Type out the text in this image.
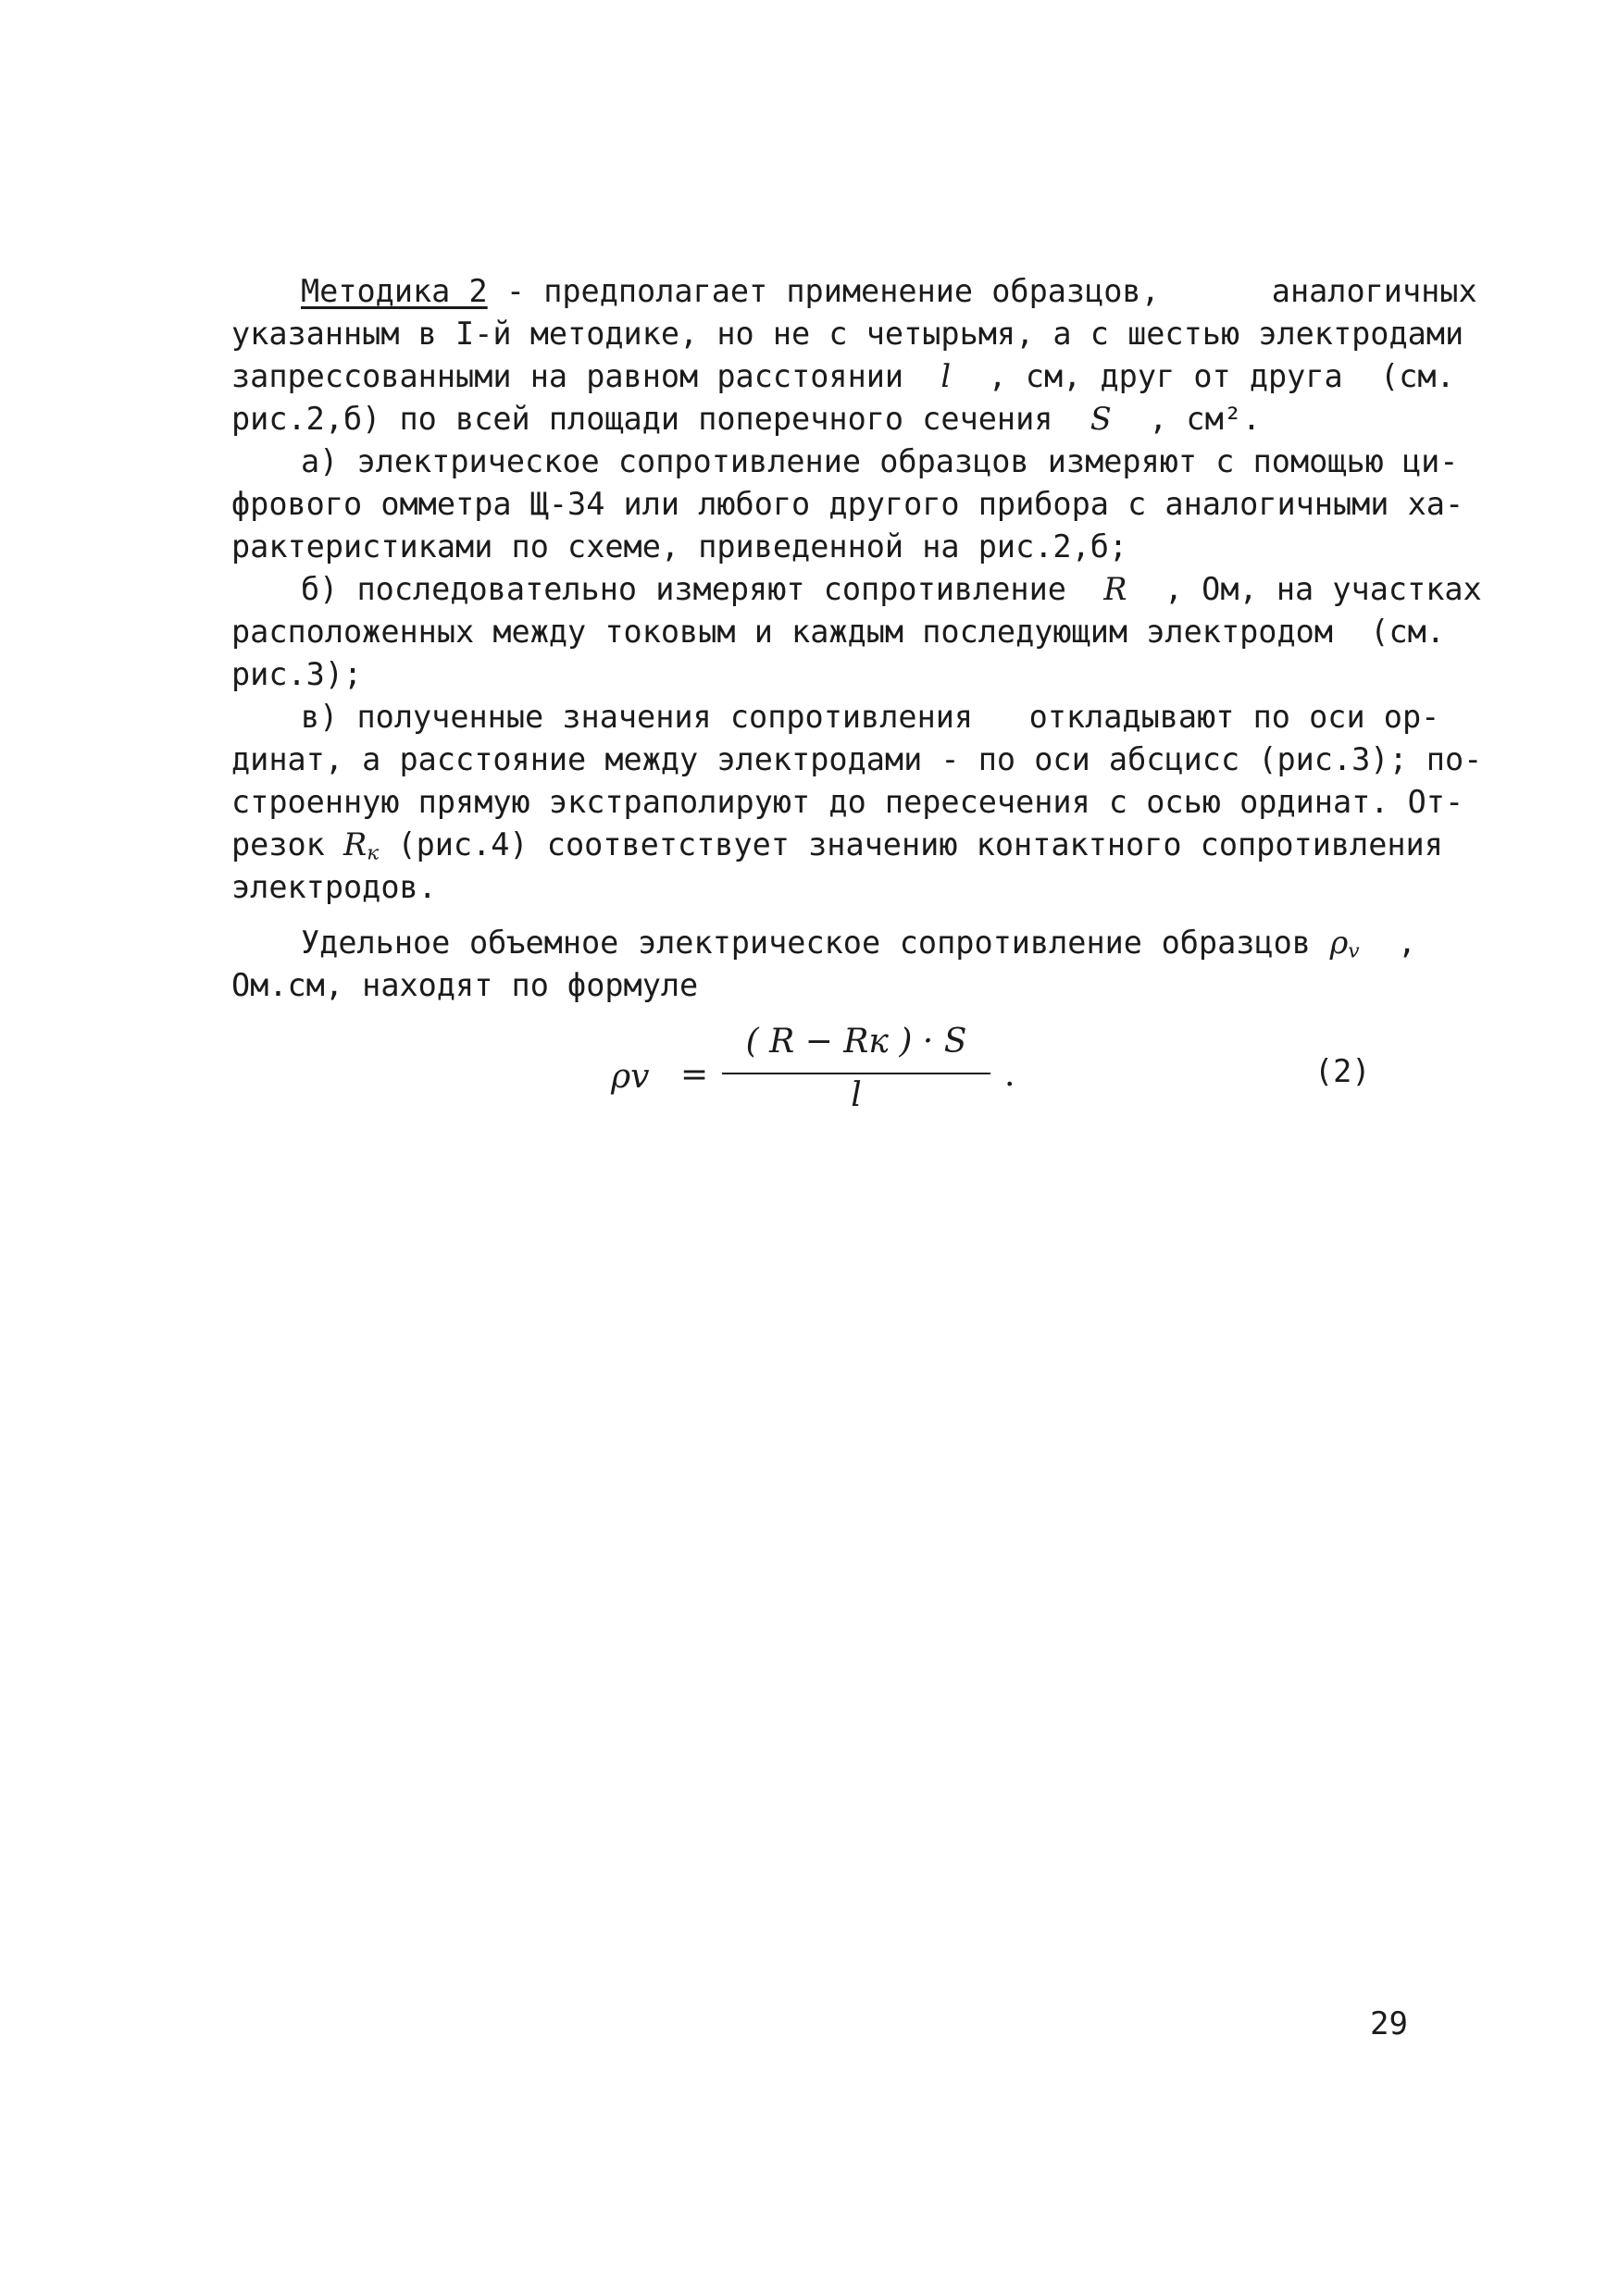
Методика 2 - предполагает применение образцов,      аналогичных
указанным в I-й методике, но не с четырьмя, а с шестью электродами
запрессованными на равном расстоянии l , см, друг от друга  (см.
рис.2,б) по всей площади поперечного сечения S , см².
а) электрическое сопротивление образцов измеряют с помощью ци-
фрового омметра Щ-34 или любого другого прибора с аналогичными ха-
рактеристиками по схеме, приведенной на рис.2,б;
б) последовательно измеряют сопротивление R , Ом, на участках
расположенных между токовым и каждым последующим электродом  (см.
рис.3);
в) полученные значения сопротивления   откладывают по оси ор-
динат, а расстояние между электродами - по оси абсцисс (рис.3); по-
строенную прямую экстраполируют до пересечения с осью ординат. От-
резок $R_к$ (рис.4) соответствует значению контактного сопротивления
электродов.
Удельное объемное электрическое сопротивление образцов $\rho_v$ ,
Ом.см, находят по формуле
ρv =
( R − Rк ) · S
l
.	(2)
29
